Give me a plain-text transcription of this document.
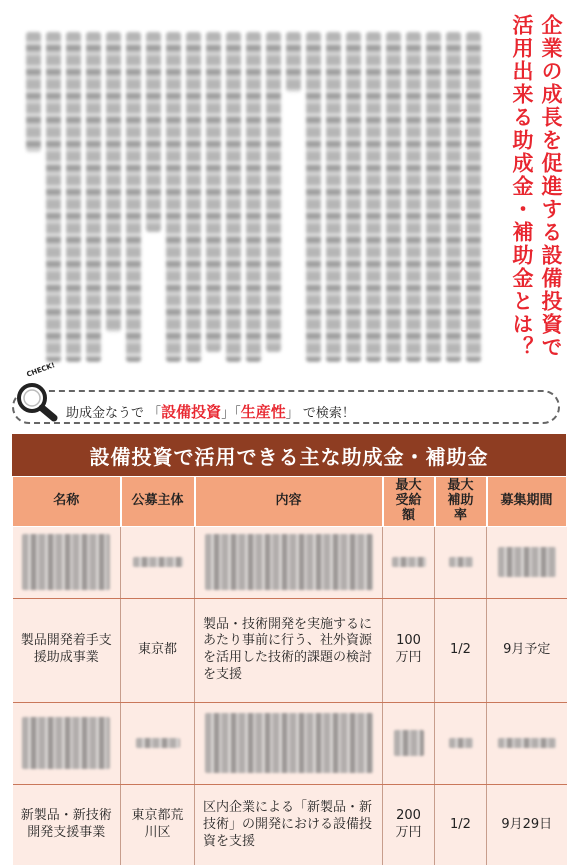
企業の成長を促進する設備投資で
活用出来る助成金・補助金とは？
CHECK!
助成金なうで 「設備投資」「生産性」 で検索！
設備投資で活用できる主な助成金・補助金
名称	公募主体	内容	最大受給額	最大補助率	募集期間

製品開発着手支援助成事業	東京都	製品・技術開発を実施するにあたり事前に行う、社外資源を活用した技術的課題の検討を支援	100万円	1/2	9月予定

新製品・新技術開発支援事業	東京都荒川区	区内企業による「新製品・新技術」の開発における設備投資を支援	200万円	1/2	9月29日
